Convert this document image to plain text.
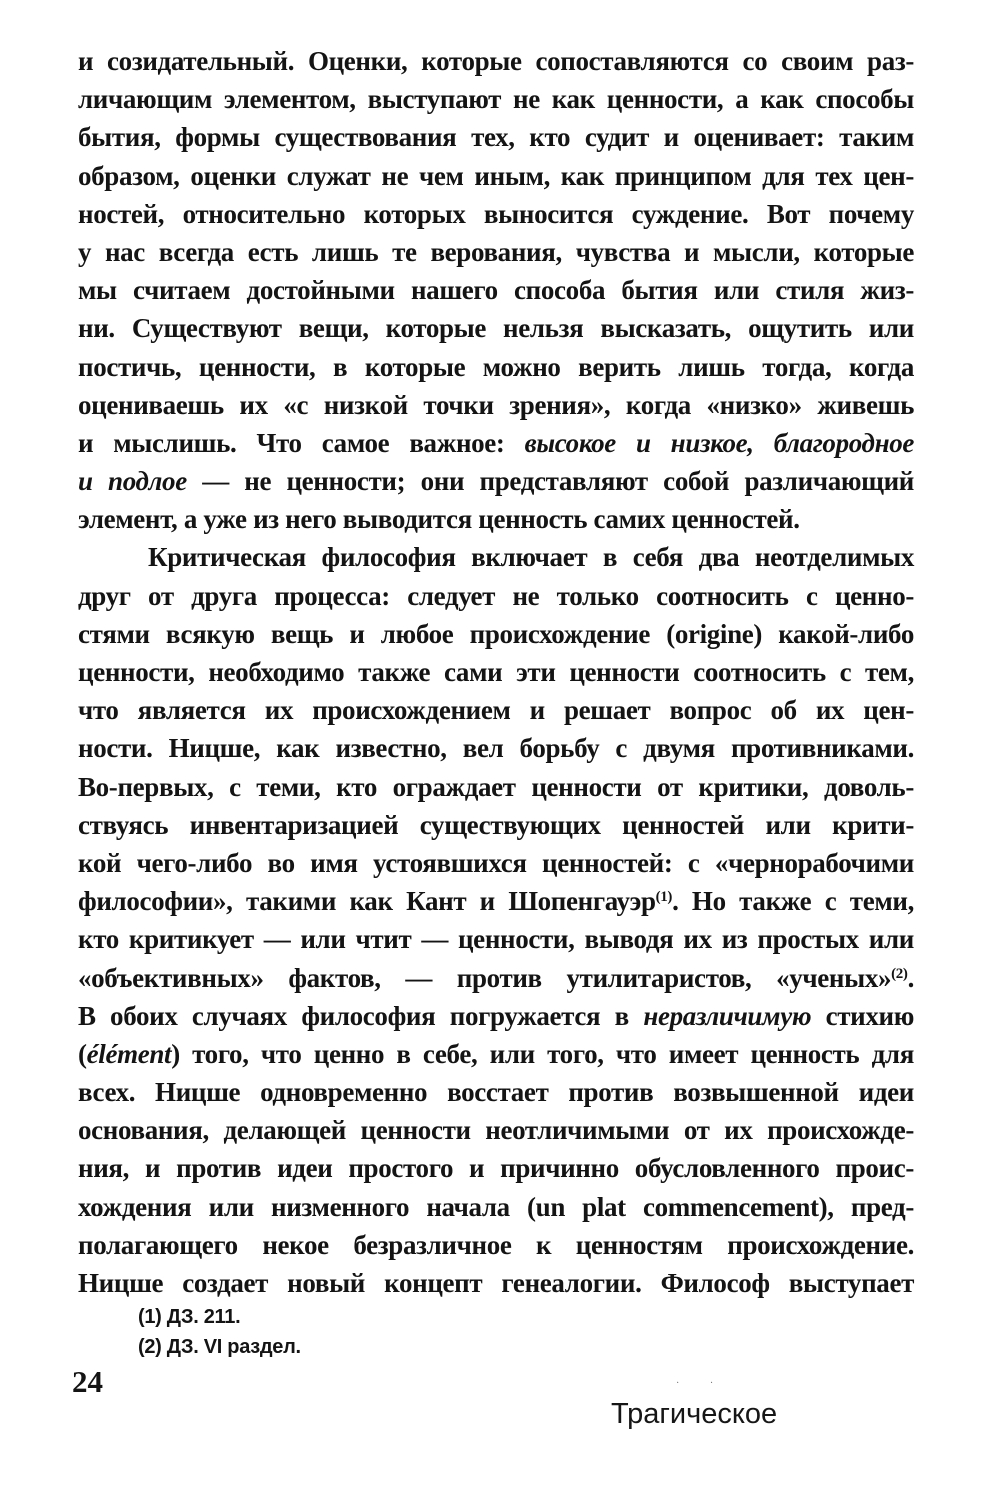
и созидательный. Оценки, которые сопоставляются со своим раз-
личающим элементом, выступают не как ценности, а как способы
бытия, формы существования тех, кто судит и оценивает: таким
образом, оценки служат не чем иным, как принципом для тех цен-
ностей, относительно которых выносится суждение. Вот почему
у нас всегда есть лишь те верования, чувства и мысли, которые
мы считаем достойными нашего способа бытия или стиля жиз-
ни. Существуют вещи, которые нельзя высказать, ощутить или
постичь, ценности, в которые можно верить лишь тогда, когда
оцениваешь их «с низкой точки зрения», когда «низко» живешь
и мыслишь. Что самое важное: высокое и низкое, благородное
и подлое — не ценности; они представляют собой различающий
элемент, а уже из него выводится ценность самих ценностей.
Критическая философия включает в себя два неотделимых
друг от друга процесса: следует не только соотносить с ценно-
стями всякую вещь и любое происхождение (origine) какой-либо
ценности, необходимо также сами эти ценности соотносить с тем,
что является их происхождением и решает вопрос об их цен-
ности. Ницше, как известно, вел борьбу с двумя противниками.
Во-первых, с теми, кто ограждает ценности от критики, доволь-
ствуясь инвентаризацией существующих ценностей или крити-
кой чего-либо во имя устоявшихся ценностей: с «чернорабочими
философии», такими как Кант и Шопенгауэр$^{(1)}$. Но также с теми,
кто критикует — или чтит — ценности, выводя их из простых или
«объективных» фактов, — против утилитаристов, «ученых»$^{(2)}$.
В обоих случаях философия погружается в неразличимую стихию
(élément) того, что ценно в себе, или того, что имеет ценность для
всех. Ницше одновременно восстает против возвышенной идеи
основания, делающей ценности неотличимыми от их происхожде-
ния, и против идеи простого и причинно обусловленного проис-
хождения или низменного начала (un plat commencement), пред-
полагающего некое безразличное к ценностям происхождение.
Ницше создает новый концепт генеалогии. Философ выступает
(1) ДЗ. 211.
(2) ДЗ. VI раздел.
24	· ·
Трагическое
